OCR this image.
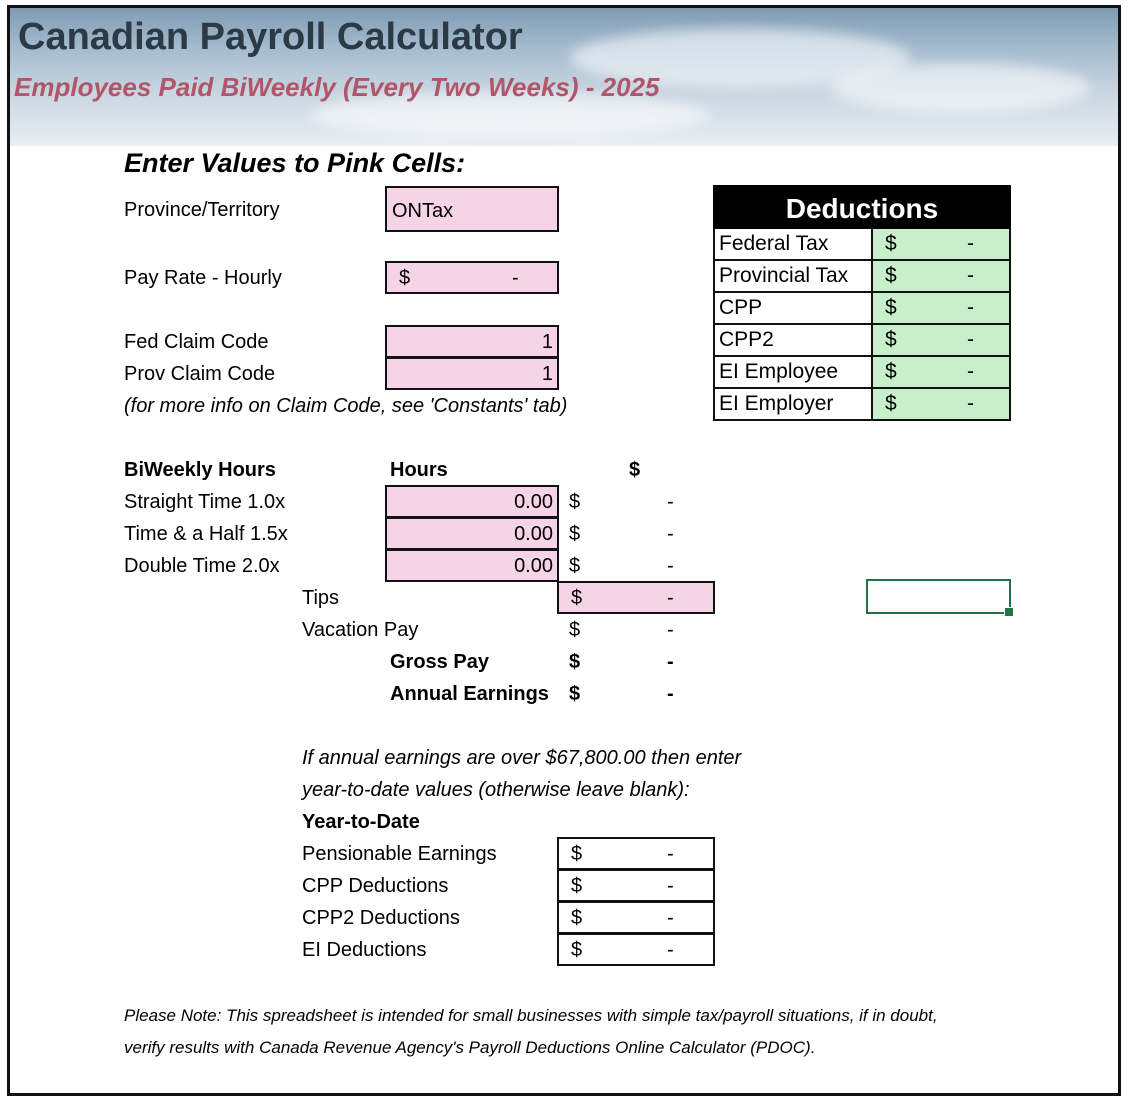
Canadian Payroll Calculator
Employees Paid BiWeekly (Every Two Weeks) - 2025
Enter Values to Pink Cells:
Province/Territory	ONTax
Pay Rate - Hourly	$	-
Fed Claim Code	1
Prov Claim Code	1
(for more info on Claim Code, see 'Constants' tab)
Deductions
Federal Tax	$	-
Provincial Tax	$	-
CPP	$	-
CPP2	$	-
EI Employee	$	-
EI Employer	$	-
BiWeekly Hours	Hours	$
Straight Time 1.0x	0.00 $	-
Time & a Half 1.5x	0.00 $	-
Double Time 2.0x	0.00 $	-
Tips	$	-
Vacation Pay	$	-
Gross Pay	$	-
Annual Earnings $	-
If annual earnings are over $67,800.00 then enter
year-to-date values (otherwise leave blank):
Year-to-Date
Pensionable Earnings	$	-
CPP Deductions	$	-
CPP2 Deductions	$	-
EI Deductions	$	-
Please Note: This spreadsheet is intended for small businesses with simple tax/payroll situations, if in doubt,
verify results with Canada Revenue Agency's Payroll Deductions Online Calculator (PDOC).
